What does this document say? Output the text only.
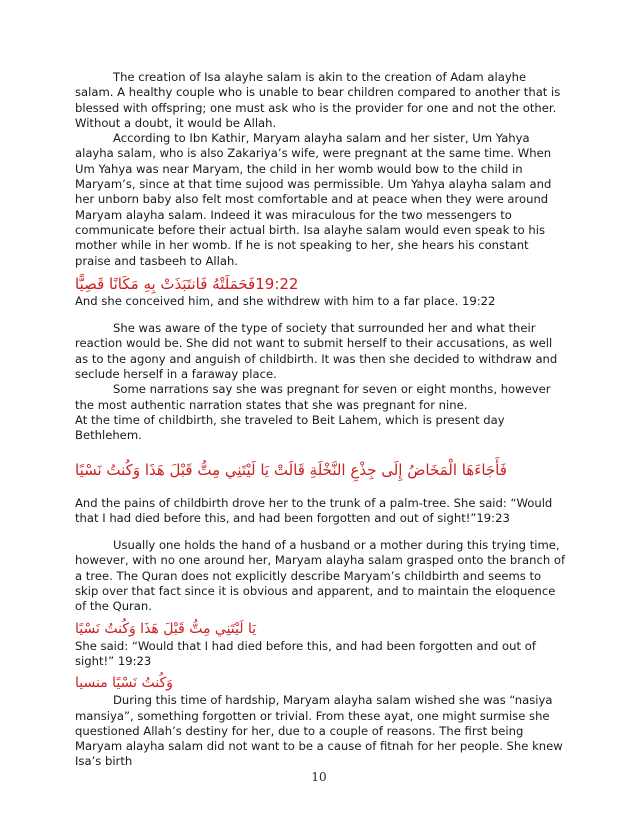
The creation of Isa alayhe salam is akin to the creation of Adam alayhe salam. A healthy couple who is unable to bear children compared to another that is blessed with offspring; one must ask who is the provider for one and not the other. Without a doubt, it would be Allah.

According to Ibn Kathir, Maryam alayha salam and her sister, Um Yahya alayha salam, who is also Zakariya’s wife, were pregnant at the same time. When Um Yahya was near Maryam, the child in her womb would bow to the child in Maryam’s, since at that time sujood was permissible. Um Yahya alayha salam and her unborn baby also felt most comfortable and at peace when they were around Maryam alayha salam. Indeed it was miraculous for the two messengers to communicate before their actual birth. Isa alayhe salam would even speak to his mother while in her womb. If he is not speaking to her, she hears his constant praise and tasbeeh to Allah.

19:22فَحَمَلَتْهُ فَانتَبَذَتْ بِهِ مَكَانًا قَصِيًّا

And she conceived him, and she withdrew with him to a far place. 19:22

She was aware of the type of society that surrounded her and what their reaction would be. She did not want to submit herself to their accusations, as well as to the agony and anguish of childbirth. It was then she decided to withdraw and seclude herself in a faraway place.

Some narrations say she was pregnant for seven or eight months, however the most authentic narration states that she was pregnant for nine.

At the time of childbirth, she traveled to Beit Lahem, which is present day Bethlehem.

فَأَجَاءَهَا الْمَخَاضُ إِلَى جِذْعِ النَّخْلَةِ قَالَتْ يَا لَيْتَنِي مِتُّ قَبْلَ هَذَا وَكُنتُ نَسْيًا

And the pains of childbirth drove her to the trunk of a palm-tree. She said: “Would that I had died before this, and had been forgotten and out of sight!”19:23

Usually one holds the hand of a husband or a mother during this trying time, however, with no one around her, Maryam alayha salam grasped onto the branch of a tree. The Quran does not explicitly describe Maryam’s childbirth and seems to skip over that fact since it is obvious and apparent, and to maintain the eloquence of the Quran.

يَا لَيْتَنِي مِتُّ قَبْلَ هَذَا وَكُنتُ نَسْيًا

She said: “Would that I had died before this, and had been forgotten and out of sight!” 19:23

وَكُنتُ نَسْيًا منسيا

During this time of hardship, Maryam alayha salam wished she was “nasiya mansiya”, something forgotten or trivial. From these ayat, one might surmise she questioned Allah’s destiny for her, due to a couple of reasons. The first being Maryam alayha salam did not want to be a cause of fitnah for her people. She knew Isa’s birth

10
